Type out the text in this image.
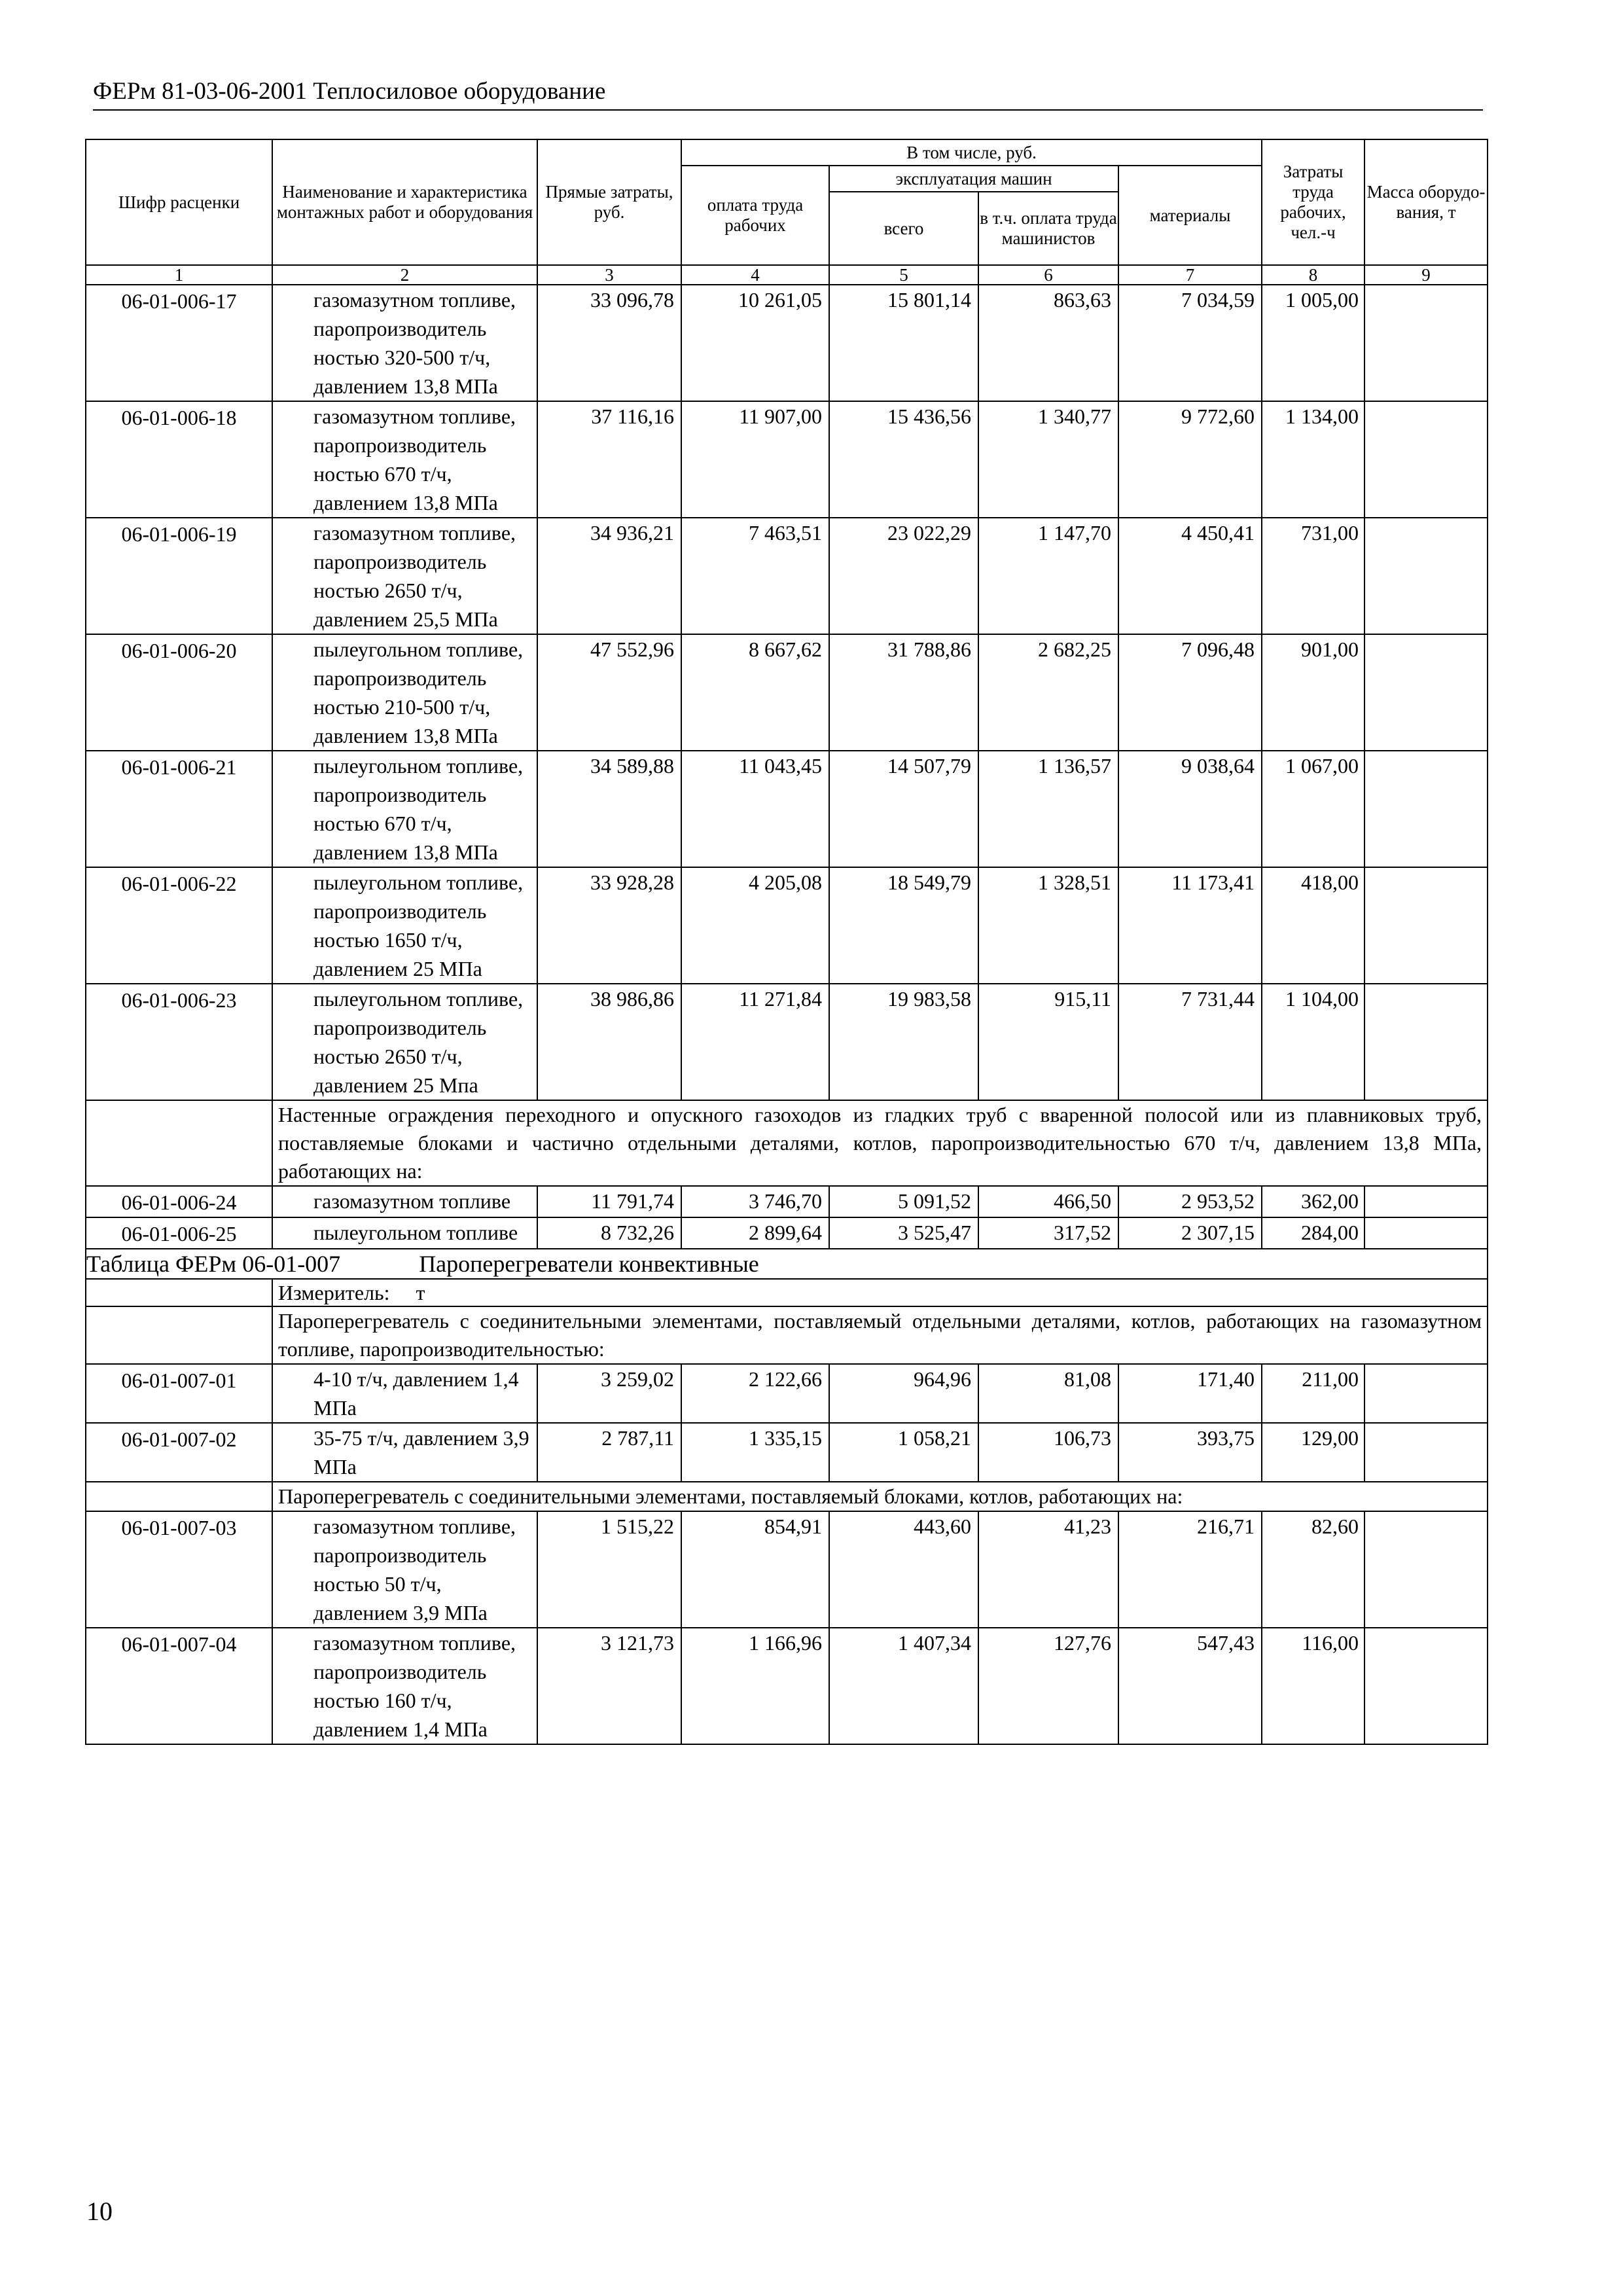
ФЕРм 81-03-06-2001 Теплосиловое оборудование
Шифр расценки	Наименование и характеристика монтажных работ и оборудования	Прямые затраты, руб.	В том числе, руб.				Затраты труда рабочих, чел.-ч	Масса оборудо-вания, т
			оплата труда рабочих	эксплуатация машин		материалы		
				всего	в т.ч. оплата труда машинистов			
1	2	3	4	5	6	7	8	9
06-01-006-17	газомазутном топливе, паропроизводитель ностью 320-500 т/ч, давлением 13,8 МПа	33 096,78	10 261,05	15 801,14	863,63	7 034,59	1 005,00	
06-01-006-18	газомазутном топливе, паропроизводитель ностью 670 т/ч, давлением 13,8 МПа	37 116,16	11 907,00	15 436,56	1 340,77	9 772,60	1 134,00	
06-01-006-19	газомазутном топливе, паропроизводитель ностью 2650 т/ч, давлением 25,5 МПа	34 936,21	7 463,51	23 022,29	1 147,70	4 450,41	731,00	
06-01-006-20	пылеугольном топливе, паропроизводитель ностью 210-500 т/ч, давлением 13,8 МПа	47 552,96	8 667,62	31 788,86	2 682,25	7 096,48	901,00	
06-01-006-21	пылеугольном топливе, паропроизводитель ностью 670 т/ч, давлением 13,8 МПа	34 589,88	11 043,45	14 507,79	1 136,57	9 038,64	1 067,00	
06-01-006-22	пылеугольном топливе, паропроизводитель ностью 1650 т/ч, давлением 25 МПа	33 928,28	4 205,08	18 549,79	1 328,51	11 173,41	418,00	
06-01-006-23	пылеугольном топливе, паропроизводитель ностью 2650 т/ч, давлением 25 Мпа	38 986,86	11 271,84	19 983,58	915,11	7 731,44	1 104,00	
	Настенные ограждения переходного и опускного газоходов из гладких труб с вваренной полосой или из плавниковых труб, поставляемые блоками и частично отдельными деталями, котлов, паропроизводительностью 670 т/ч, давлением 13,8 МПа, работающих на:							
06-01-006-24	газомазутном топливе	11 791,74	3 746,70	5 091,52	466,50	2 953,52	362,00	
06-01-006-25	пылеугольном топливе	8 732,26	2 899,64	3 525,47	317,52	2 307,15	284,00	
Таблица ФЕРм 06-01-007 Пароперегреватели конвективные								
	Измеритель: т							
	Пароперегреватель с соединительными элементами, поставляемый отдельными деталями, котлов, работающих на газомазутном топливе, паропроизводительностью:							
06-01-007-01	4-10 т/ч, давлением 1,4 МПа	3 259,02	2 122,66	964,96	81,08	171,40	211,00	
06-01-007-02	35-75 т/ч, давлением 3,9 МПа	2 787,11	1 335,15	1 058,21	106,73	393,75	129,00	
	Пароперегреватель с соединительными элементами, поставляемый блоками, котлов, работающих на:							
06-01-007-03	газомазутном топливе, паропроизводитель ностью 50 т/ч, давлением 3,9 МПа	1 515,22	854,91	443,60	41,23	216,71	82,60	
06-01-007-04	газомазутном топливе, паропроизводитель ностью 160 т/ч, давлением 1,4 МПа	3 121,73	1 166,96	1 407,34	127,76	547,43	116,00	
10
